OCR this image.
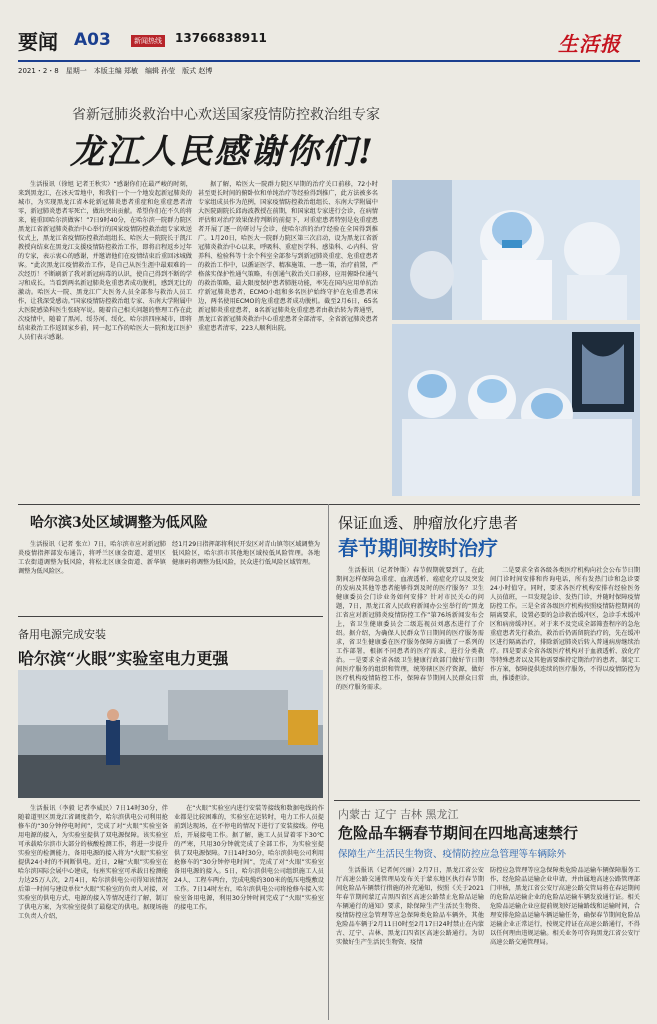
要闻 A03	新闻热线 13766838911	生活报
2021・2・8　星期一　本版主编 郑敏　编辑 孙莹　版式 赵博
省新冠肺炎救治中心欢送国家疫情防控救治组专家
龙江人民感谢你们!
生活报讯（徐旭 记者王秋实）“感谢你们在最严峻的时刻，来到黑龙江，在冰天雪地中，和我们一个一个地发起新冠肺炎的城市，为实现黑龙江省本轮新冠肺炎患者重症和危重症患者清零，新冠肺炎患者零死亡，做出突出贡献。希望你们在不久的将来，能重回哈尔滨做客！”7日9时40分，在哈尔滨一院群力院区黑龙江省新冠肺炎救治中心举行的国家疫情防控救治组专家欢送仪式上，黑龙江省疫情防控救治组组长、哈医大一院院长于凯江教授向结束在黑龙江支援疫情防控救治工作，即将启程返乡过年的专家，表示衷心的感谢，并邀请他们在疫情结束后重回冰城做客。“此次黑龙江疫情救治工作，是自己从医生涯中最艰难的一次经历！不断刷新了我对新冠病毒的认识，使自己得到不断的学习和成长。当看到两名新冠肺炎危重患者成功脱机，感到无比的激动。哈医大一院、黑龙江广大医务人员全部参与救治人员工作，让我深受感动。”国家疫情防控救治组专家、东南大学附属中大医院感染科医生张晓军说。随着自己相关问题的整理工作在此次疫情中，随着了黑河、绥芬河、绥化、哈尔滨四座城市，即将结束救治工作返回家乡前，同一起工作的哈医大一院和龙江医护人员们表示感谢。
据了解，哈医大一院群力院区早期的治疗关口前移，72小时甚至更长时间的俯卧位和单纯治疗等经验得到推广，此方法被多名专家组成员作为范例，国家疫情防控救治组组长、东南大学附属中大医院副院长邱海波教授在前期，和国家组专家进行会诊，在病情评估和对治疗效果保持判断的前提下，对重症患者特别是危重症患者开展了逐一的研讨与会诊，使哈尔滨的治疗经验在全国得到推广。1月20日，哈医大一院群力院区第三次启动，设为黑龙江省新冠肺炎救治中心以来，呼吸科、重症医学科、感染科、心内科、营养科、检验科等十余个科室全部参与到新冠肺炎重症、危重症患者的救治工作中，以循证医学、精准施策、一患一策，治疗前置，严格落实保护性通气策略，有创通气救治关口前移，应用俯卧位通气的救治策略，最大限度保护患者肺脏功能，率先在国内应用单抗治疗新冠肺炎患者，ECMO小组和多名医护始终守护在危重患者床边，两名使用ECMO的危重症患者成功脱机。截至2月6日，65名新冠肺炎重症患者，8名新冠肺炎危重症患者由救治转为普通型，黑龙江省新冠肺炎救治中心重症患者全部清零，全省新冠肺炎患者重症患者清零，223人顺利出院。
哈尔滨3处区域调整为低风险
生活报讯（记者 张立）7日，哈尔滨市应对新冠肺炎疫情指挥部发布通告，将呼兰区康金街道、道里区工农街道调整为低风险，将松北区康金街道、新华镇调整为低风险区。
经1月29日指挥部将利民开发区对青山镇等区域调整为低风险区，哈尔滨市其他地区域按低风险管理。各地健康码将调整为低风险，民众进行低风险区域管理。
备用电源完成安装
哈尔滨“火眼”实验室电力更强
生活报讯（李毅 记者李威民）7日14时30分，伴随着道里区黑龙江省调度指令，哈尔滨供电公司利用抢修车的“30分钟停电时间”，完成了对“火眼”实验室备用电源的接入，为实验室提供了双电源保障。该实验室可承载哈尔滨市大部分的核酸检测工作，将进一步提升实验室的检测能力，备用电源的接入将为“火眼”实验室提供24小时的不间断供电。近日，2幢“火眼”实验室在哈尔滨国际会展中心建成，每座实验室可承载日检测能力达25万人次，2月4日，哈尔滨供电公司得知该情况后第一时间与建设单位“火眼”实验室的负责人对接，对实验室的供电方式、电源的接入等情况进行了解，制订了供电方案，为实验室提供了最稳定的供电。据现场施工负责人介绍，
在“火眼”实验室内进行安装等接线和数据电线的作业都是比较困难的，实验室在运转时，电力工作人员提前到达现场，在不停电的情况下进行了安装接线。停电后，开展接电工作。据了解，施工人员冒着零下30℃的严寒，只用30分钟就完成了全部工作，为实验室提供了双电源保障。7日14时30分，哈尔滨供电公司利用抢修车的“30分钟停电时间”，完成了对“火眼”实验室备用电源的接入。5日，哈尔滨供电公司组织施工人员24人、工程车两台，完成电缆约300米的低压电缆敷设工作。7日14时左右，哈尔滨供电公司将抢修车接入实验室备用电源，利用30分钟时间完成了“火眼”实验室的接电工作。
保证血透、肿瘤放化疗患者
春节期间按时治疗
生活报讯（记者钟斯）春节假期就要到了，在此期间怎样保障急重症、血液透析、癌症化疗以及突发的发病及其他等患者能够得到及时的医疗服务？卫生健康委员会门诊业务如何安排？针对市民关心的问题，7日，黑龙江省人民政府新闻办公室举行的“黑龙江省应对新冠肺炎疫情防控工作”第76场新闻发布会上，省卫生健康委员会二级巡视员刘惠杰进行了介绍。据介绍，为确保人民群众节日期间的医疗服务需求，省卫生健康委在医疗服务保障方面做了一系列的工作部署，根据不同患者的医疗需求，进行分类救治。一是要求全省各级卫生健康行政部门做好节日期间医疗服务的组织和管理，统筹辖区医疗资源，做好医疗机构疫情防控工作，保障春节期间人民群众日常的医疗服务需求。
二是要求全省各级各类医疗机构向社会公布节日期间门诊时间安排和咨询电话，所有发热门诊和急诊要24小时值守。同时，要求各医疗机构安排有经验医务人员值班，一旦发现急诊、发热门诊，并随时保障疫情防控工作。三是全省各级医疗机构按照疫情防控期间的隔离要求，设置必要的急诊救治缓冲区，急诊手术缓冲区和病房缓冲区。对于来不及完成全部筛查程序的急危重症患者先行救治，救治后仍需留院治疗的，先在缓冲区进行隔离治疗，排除新冠肺炎后转入普通病房继续治疗。四是要求全省各级医疗机构对于血液透析、放化疗等特殊患者以及其他需要维持定期治疗的患者，制定工作方案，保障提供连续的医疗服务，不得以疫情防控为由，推诿拒诊。
内蒙古 辽宁 吉林 黑龙江
危险品车辆春节期间在四地高速禁行
保障生产生活民生物资、疫情防控应急管理等车辆除外
生活报讯（记者何兴丽）2月7日，黑龙江省公安厅高速公路交通管理局发布关于蒙东地区执行春节期间危险品车辆禁行措施的补充通知，按照《关于2021年春节期间蒙辽吉黑四省区高速公路禁止危险品运输车辆通行的通知》要求，除保障生产生活民生物资、疫情防控应急管理等应急保障类危险品车辆外，其他危险品车辆于2月11日0时至2月17日24时禁止在内蒙古、辽宁、吉林、黑龙江四省区高速公路通行。为切实做好生产生活民生物资、疫情
防控应急管理等应急保障类危险品运输车辆保障服务工作，经危险品运输企业申请，并由属地高速公路管理部门审核，黑龙江省公安厅高速公路交管局将在春运期间的危险品运输企业的危险品运输车辆发放通行证。相关危险品运输企业应提前规划好运输路线和运输时间，合理安排危险品运输车辆运输任务，确保春节期间危险品运输企业正常运行，按规定持证在高速公路通行，不得以任何理由违规运输。相关业务可咨询黑龙江省公安厅高速公路交通管理局。
